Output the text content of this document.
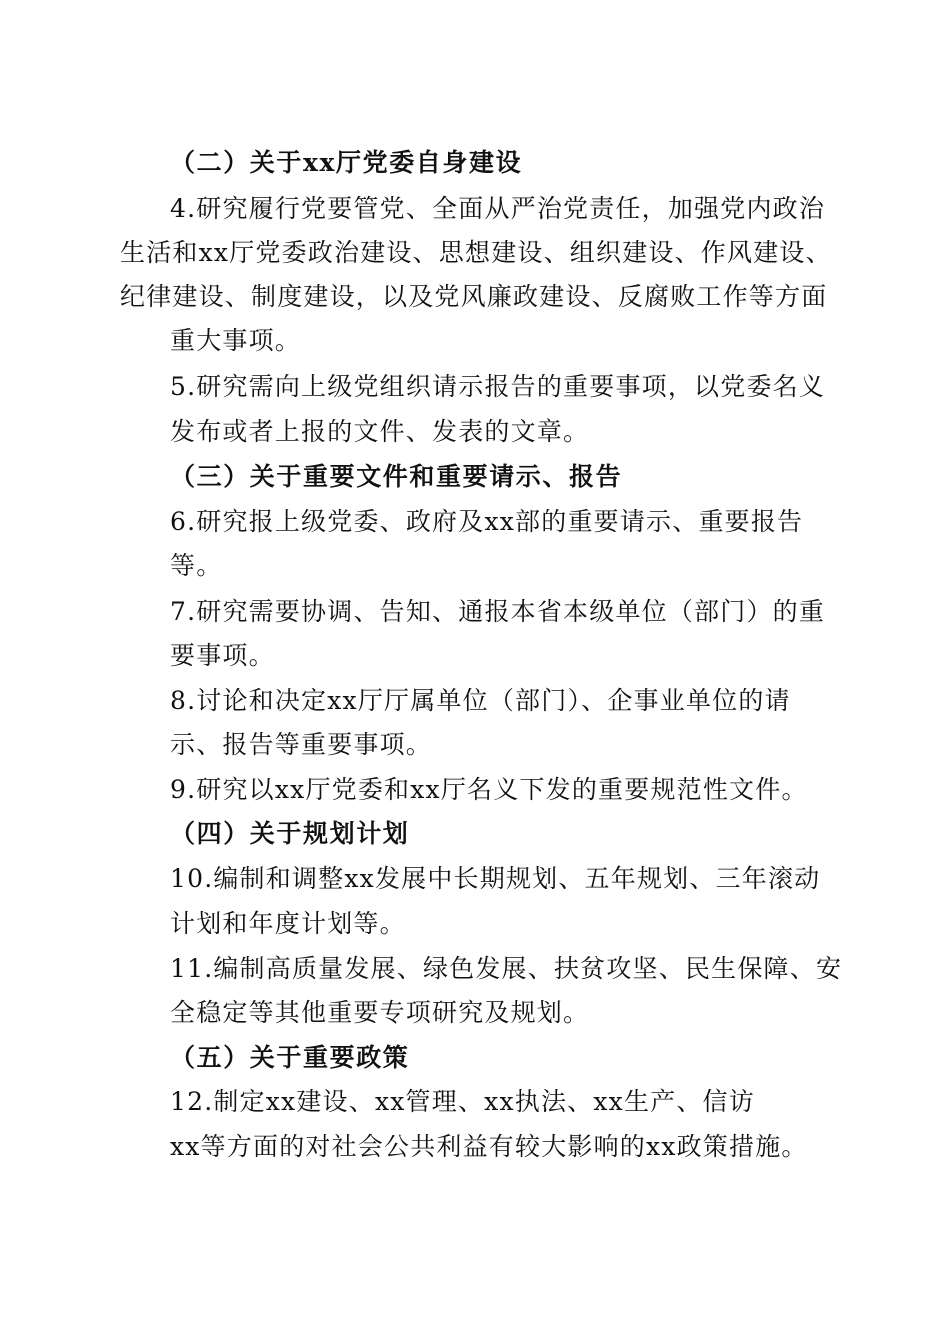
（二）关于xx厅党委自身建设
4.研究履行党要管党、全面从严治党责任，加强党内政治
生活和xx厅党委政治建设、思想建设、组织建设、作风建设、
纪律建设、制度建设，以及党风廉政建设、反腐败工作等方面
重大事项。
5.研究需向上级党组织请示报告的重要事项，以党委名义
发布或者上报的文件、发表的文章。
（三）关于重要文件和重要请示、报告
6.研究报上级党委、政府及xx部的重要请示、重要报告
等。
7.研究需要协调、告知、通报本省本级单位（部门）的重
要事项。
8.讨论和决定xx厅厅属单位（部门）、企事业单位的请
示、报告等重要事项。
9.研究以xx厅党委和xx厅名义下发的重要规范性文件。
（四）关于规划计划
10.编制和调整xx发展中长期规划、五年规划、三年滚动
计划和年度计划等。
11.编制高质量发展、绿色发展、扶贫攻坚、民生保障、安
全稳定等其他重要专项研究及规划。
（五）关于重要政策
12.制定xx建设、xx管理、xx执法、xx生产、信访
xx等方面的对社会公共利益有较大影响的xx政策措施。
